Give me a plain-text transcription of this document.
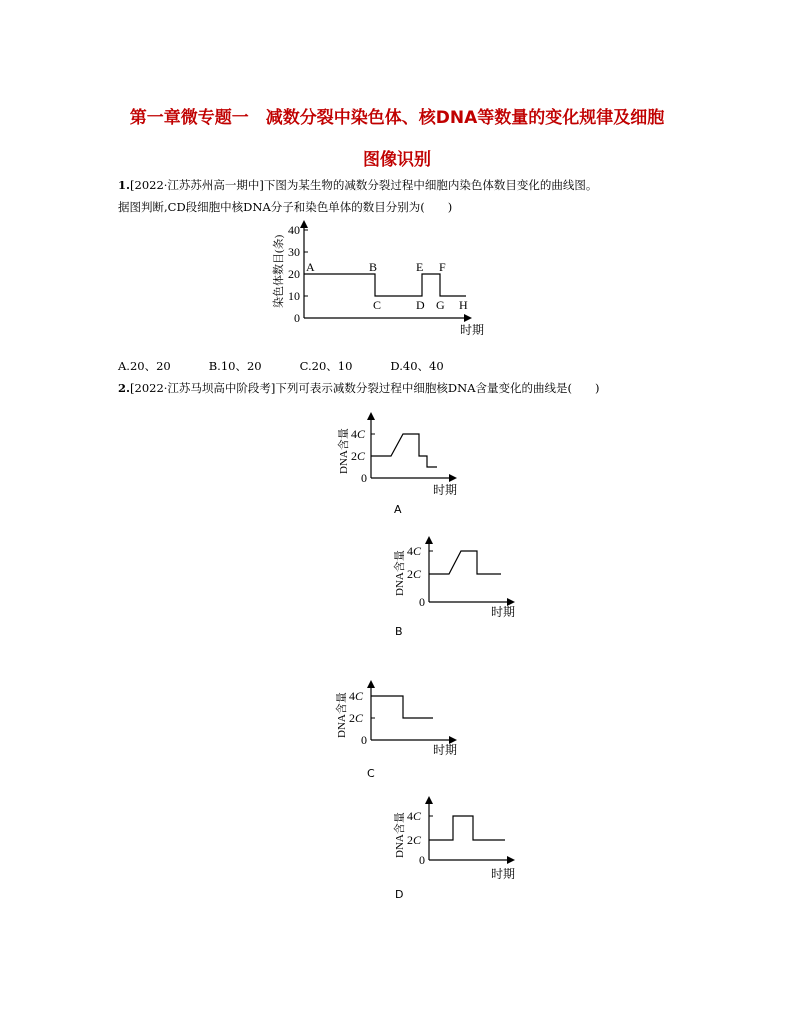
第一章微专题一　减数分裂中染色体、核DNA等数量的变化规律及细胞
图像识别
1.[2022·江苏苏州高一期中]下图为某生物的减数分裂过程中细胞内染色体数目变化的曲线图。
据图判断,CD段细胞中核DNA分子和染色单体的数目分别为(　　)
40
30
20
10
0
染色体数目(条)
时期
A	B
C	D
E F
G H
A.20、20	B.10、20	C.20、10	D.40、40
2.[2022·江苏马坝高中阶段考]下列可表示减数分裂过程中细胞核DNA含量变化的曲线是(　　)
4C
2C
0
DNA含量
时期
A
4C
2C
0
DNA含量
时期
B
4C
2C
0
DNA含量
时期
C
4C
2C
0
DNA含量
时期
D
